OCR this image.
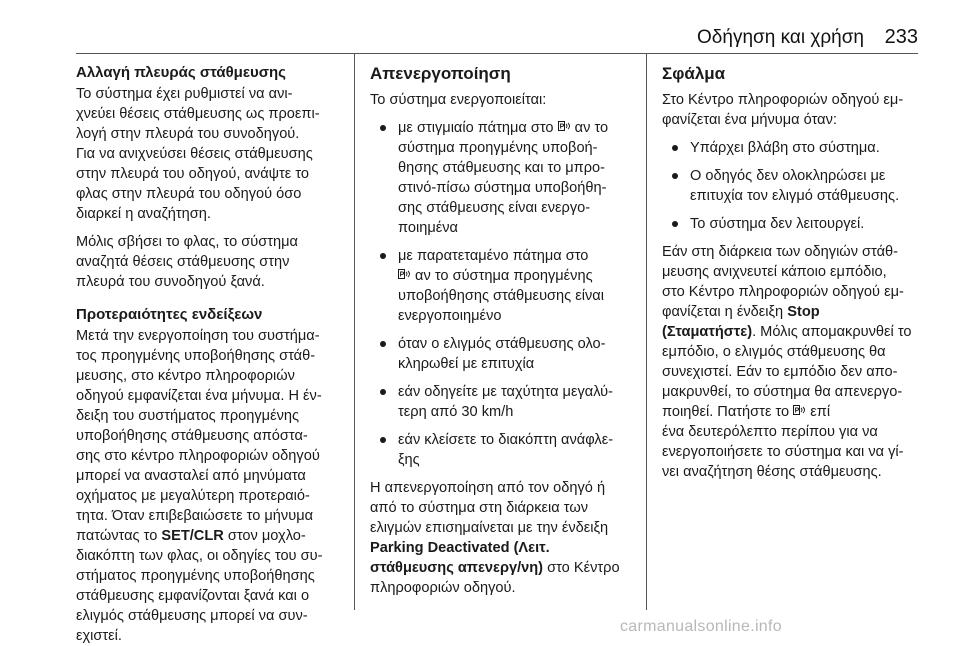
Οδήγηση και χρήση 233
Αλλαγή πλευράς στάθμευσης
Το σύστημα έχει ρυθμιστεί να ανι-
χνεύει θέσεις στάθμευσης ως προεπι-
λογή στην πλευρά του συνοδηγού.
Για να ανιχνεύσει θέσεις στάθμευσης
στην πλευρά του οδηγού, ανάψτε το
φλας στην πλευρά του οδηγού όσο
διαρκεί η αναζήτηση.
Μόλις σβήσει το φλας, το σύστημα
αναζητά θέσεις στάθμευσης στην
πλευρά του συνοδηγού ξανά.
Προτεραιότητες ενδείξεων
Μετά την ενεργοποίηση του συστήμα-
τος προηγμένης υποβοήθησης στάθ-
μευσης, στο κέντρο πληροφοριών
οδηγού εμφανίζεται ένα μήνυμα. Η έν-
δειξη του συστήματος προηγμένης
υποβοήθησης στάθμευσης απόστα-
σης στο κέντρο πληροφοριών οδηγού
μπορεί να ανασταλεί από μηνύματα
οχήματος με μεγαλύτερη προτεραιό-
τητα. Όταν επιβεβαιώσετε το μήνυμα
πατώντας το SET/CLR στον μοχλο-
διακόπτη των φλας, οι οδηγίες του συ-
στήματος προηγμένης υποβοήθησης
στάθμευσης εμφανίζονται ξανά και ο
ελιγμός στάθμευσης μπορεί να συν-
εχιστεί.
Απενεργοποίηση
Το σύστημα ενεργοποιείται:
με στιγμιαίο πάτημα στο P αν το
σύστημα προηγμένης υποβοή-
θησης στάθμευσης και το μπρο-
στινό-πίσω σύστημα υποβοήθη-
σης στάθμευσης είναι ενεργο-
ποιημένα
με παρατεταμένο πάτημα στο
P αν το σύστημα προηγμένης
υποβοήθησης στάθμευσης είναι
ενεργοποιημένο
όταν ο ελιγμός στάθμευσης ολο-
κληρωθεί με επιτυχία
εάν οδηγείτε με ταχύτητα μεγαλύ-
τερη από 30 km/h
εάν κλείσετε το διακόπτη ανάφλε-
ξης
Η απενεργοποίηση από τον οδηγό ή
από το σύστημα στη διάρκεια των
ελιγμών επισημαίνεται με την ένδειξη
Parking Deactivated (Λειτ.
στάθμευσης απενεργ/νη) στο Κέντρο
πληροφοριών οδηγού.
Σφάλμα
Στο Κέντρο πληροφοριών οδηγού εμ-
φανίζεται ένα μήνυμα όταν:
Υπάρχει βλάβη στο σύστημα.
Ο οδηγός δεν ολοκληρώσει με
επιτυχία τον ελιγμό στάθμευσης.
Το σύστημα δεν λειτουργεί.
Εάν στη διάρκεια των οδηγιών στάθ-
μευσης ανιχνευτεί κάποιο εμπόδιο,
στο Κέντρο πληροφοριών οδηγού εμ-
φανίζεται η ένδειξη Stop
(Σταματήστε). Μόλις απομακρυνθεί το
εμπόδιο, ο ελιγμός στάθμευσης θα
συνεχιστεί. Εάν το εμπόδιο δεν απο-
μακρυνθεί, το σύστημα θα απενεργο-
ποιηθεί. Πατήστε το P επί
ένα δευτερόλεπτο περίπου για να
ενεργοποιήσετε το σύστημα και να γί-
νει αναζήτηση θέσης στάθμευσης.
carmanualsonline.info
